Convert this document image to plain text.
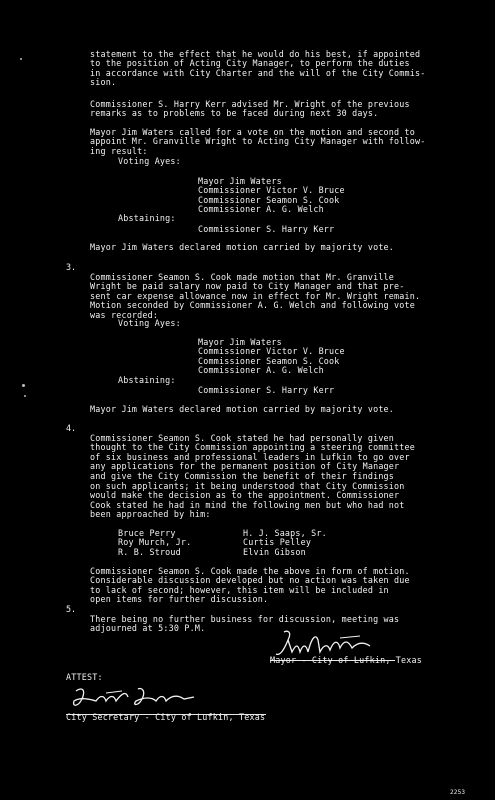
statement to the effect that he would do his best, if appointed
to the position of Acting City Manager, to perform the duties
in accordance with City Charter and the will of the City Commis-
sion.

Commissioner S. Harry Kerr advised Mr. Wright of the previous
remarks as to problems to be faced during next 30 days.

Mayor Jim Waters called for a vote on the motion and second to
appoint Mr. Granville Wright to Acting City Manager with follow-
ing result:

Voting Ayes:

Mayor Jim Waters
Commissioner Victor V. Bruce
Commissioner Seamon S. Cook
Commissioner A. G. Welch

Abstaining:
Commissioner S. Harry Kerr
Mayor Jim Waters declared motion carried by majority vote.
3.

Commissioner Seamon S. Cook made motion that Mr. Granville
Wright be paid salary now paid to City Manager and that pre-
sent car expense allowance now in effect for Mr. Wright remain.
Motion seconded by Commissioner A. G. Welch and following vote
was recorded:

Voting Ayes:

Mayor Jim Waters
Commissioner Victor V. Bruce
Commissioner Seamon S. Cook
Commissioner A. G. Welch

Abstaining:
Commissioner S. Harry Kerr
Mayor Jim Waters declared motion carried by majority vote.
4.

Commissioner Seamon S. Cook stated he had personally given
thought to the City Commission appointing a steering committee
of six business and professional leaders in Lufkin to go over
any applications for the permanent position of City Manager
and give the City Commission the benefit of their findings
on such applicants; it being understood that City Commission
would make the decision as to the appointment. Commissioner
Cook stated he had in mind the following men but who had not
been approached by him:

Bruce Perry
Roy Murch, Jr.
R. B. Stroud

H. J. Saaps, Sr.
Curtis Pelley
Elvin Gibson

Commissioner Seamon S. Cook made the above in form of motion.
Considerable discussion developed but no action was taken due
to lack of second; however, this item will be included in
open items for further discussion.

5.

There being no further business for discussion, meeting was
adjourned at 5:30 P.M.

Mayor - City of Lufkin, Texas
ATTEST:
City Secretary - City of Lufkin, Texas
2253
